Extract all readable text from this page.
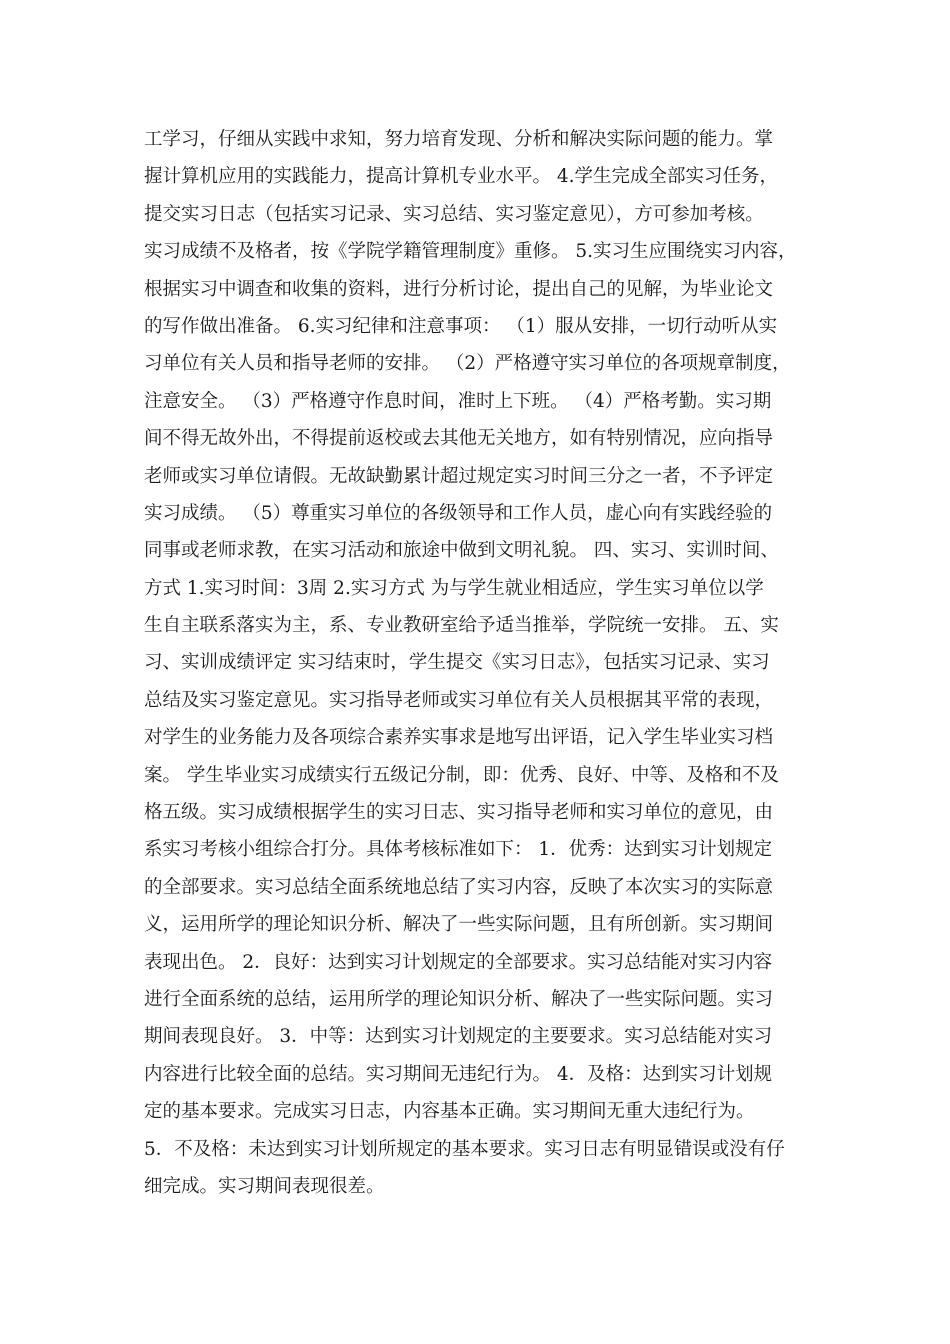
工学习，仔细从实践中求知，努力培育发现、分析和解决实际问题的能力。掌
握计算机应用的实践能力，提高计算机专业水平。 4.学生完成全部实习任务，
提交实习日志（包括实习记录、实习总结、实习鉴定意见），方可参加考核。
实习成绩不及格者，按《学院学籍管理制度》重修。 5.实习生应围绕实习内容，
根据实习中调查和收集的资料，进行分析讨论，提出自己的见解，为毕业论文
的写作做出准备。 6.实习纪律和注意事项： （1）服从安排，一切行动听从实
习单位有关人员和指导老师的安排。 （2）严格遵守实习单位的各项规章制度，
注意安全。 （3）严格遵守作息时间，准时上下班。 （4）严格考勤。实习期
间不得无故外出，不得提前返校或去其他无关地方，如有特别情况，应向指导
老师或实习单位请假。无故缺勤累计超过规定实习时间三分之一者，不予评定
实习成绩。 （5）尊重实习单位的各级领导和工作人员，虚心向有实践经验的
同事或老师求教，在实习活动和旅途中做到文明礼貌。 四、实习、实训时间、
方式 1.实习时间：3周 2.实习方式 为与学生就业相适应，学生实习单位以学
生自主联系落实为主，系、专业教研室给予适当推举，学院统一安排。 五、实
习、实训成绩评定 实习结束时，学生提交《实习日志》，包括实习记录、实习
总结及实习鉴定意见。实习指导老师或实习单位有关人员根据其平常的表现，
对学生的业务能力及各项综合素养实事求是地写出评语，记入学生毕业实习档
案。 学生毕业实习成绩实行五级记分制，即：优秀、良好、中等、及格和不及
格五级。实习成绩根据学生的实习日志、实习指导老师和实习单位的意见，由
系实习考核小组综合打分。具体考核标准如下： 1．优秀：达到实习计划规定
的全部要求。实习总结全面系统地总结了实习内容，反映了本次实习的实际意
义，运用所学的理论知识分析、解决了一些实际问题，且有所创新。实习期间
表现出色。 2．良好：达到实习计划规定的全部要求。实习总结能对实习内容
进行全面系统的总结，运用所学的理论知识分析、解决了一些实际问题。实习
期间表现良好。 3．中等：达到实习计划规定的主要要求。实习总结能对实习
内容进行比较全面的总结。实习期间无违纪行为。 4．及格：达到实习计划规
定的基本要求。完成实习日志，内容基本正确。实习期间无重大违纪行为。
5．不及格：未达到实习计划所规定的基本要求。实习日志有明显错误或没有仔
细完成。实习期间表现很差。
